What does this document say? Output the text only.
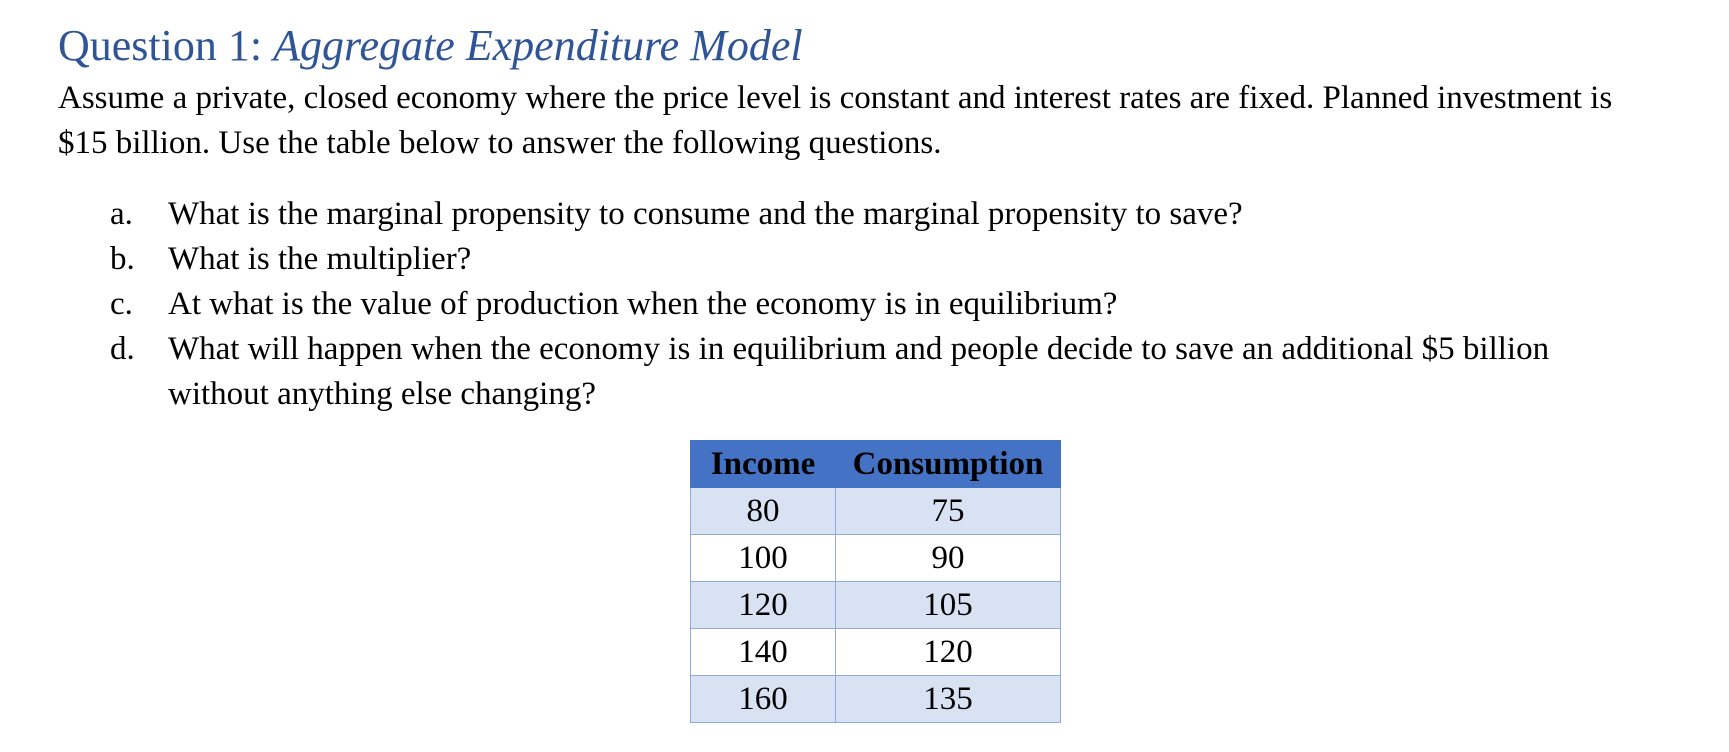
Question 1: Aggregate Expenditure Model

Assume a private, closed economy where the price level is constant and interest rates are fixed. Planned investment is $15 billion. Use the table below to answer the following questions.

a. What is the marginal propensity to consume and the marginal propensity to save?
b. What is the multiplier?
c. At what is the value of production when the economy is in equilibrium?
d. What will happen when the economy is in equilibrium and people decide to save an additional $5 billion without anything else changing?
Income	Consumption
80	75
100	90
120	105
140	120
160	135
